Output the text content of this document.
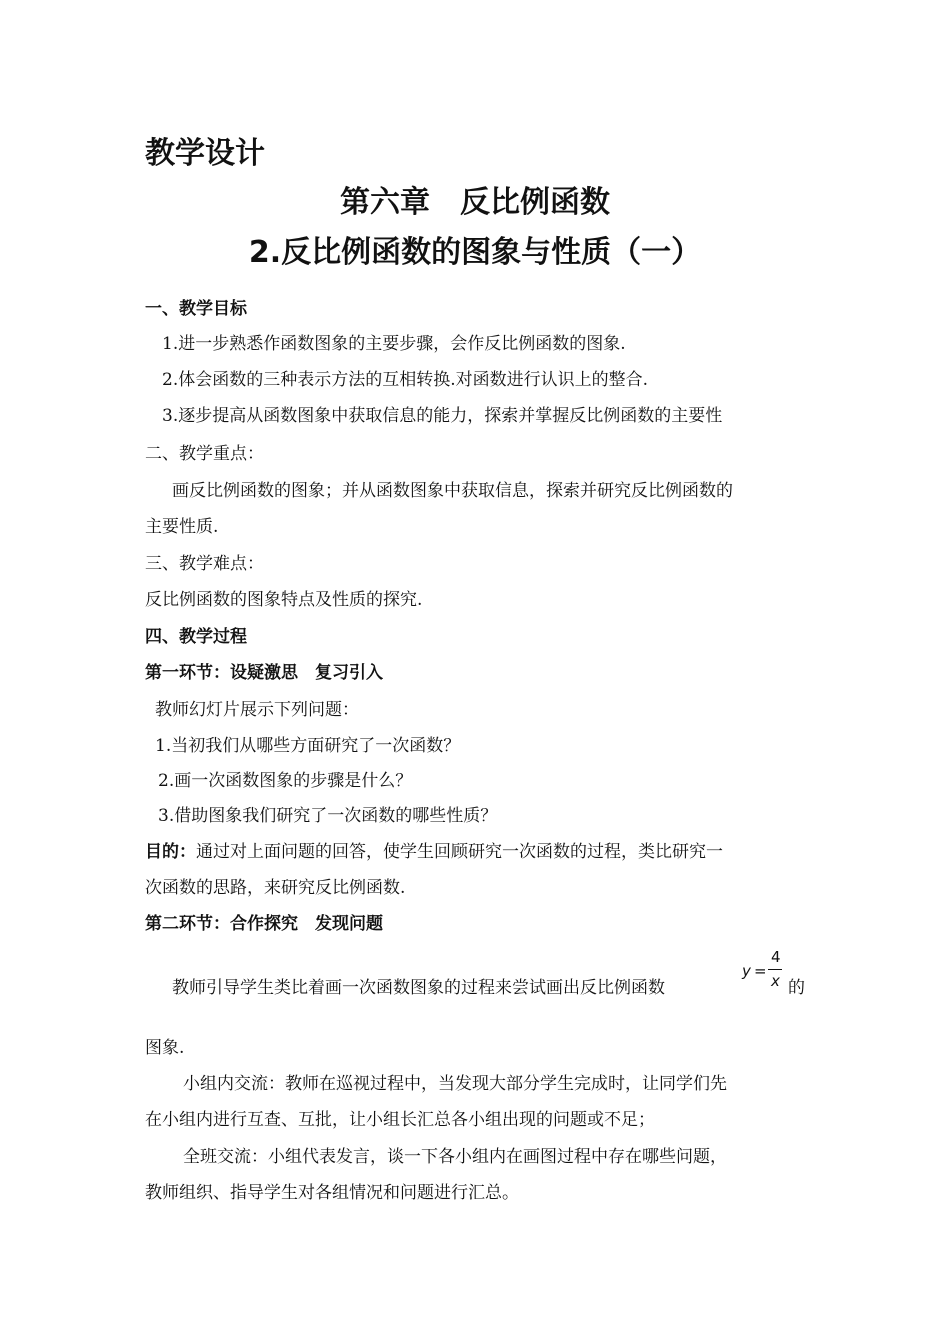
教学设计
第六章　反比例函数
2.反比例函数的图象与性质（一）
一、教学目标
1.进一步熟悉作函数图象的主要步骤，会作反比例函数的图象.
2.体会函数的三种表示方法的互相转换.对函数进行认识上的整合.
3.逐步提高从函数图象中获取信息的能力，探索并掌握反比例函数的主要性
二、教学重点：
画反比例函数的图象；并从函数图象中获取信息，探索并研究反比例函数的
主要性质.
三、教学难点：
反比例函数的图象特点及性质的探究.
四、教学过程
第一环节：设疑激思　复习引入
教师幻灯片展示下列问题：
1.当初我们从哪些方面研究了一次函数？
2.画一次函数图象的步骤是什么？
3.借助图象我们研究了一次函数的哪些性质？
目的：通过对上面问题的回答，使学生回顾研究一次函数的过程，类比研究一
次函数的思路，来研究反比例函数.
第二环节：合作探究　发现问题
教师引导学生类比着画一次函数图象的过程来尝试画出反比例函数
y =
4
x 的
图象.
小组内交流：教师在巡视过程中，当发现大部分学生完成时，让同学们先
在小组内进行互查、互批，让小组长汇总各小组出现的问题或不足；
全班交流：小组代表发言，谈一下各小组内在画图过程中存在哪些问题，
教师组织、指导学生对各组情况和问题进行汇总。
